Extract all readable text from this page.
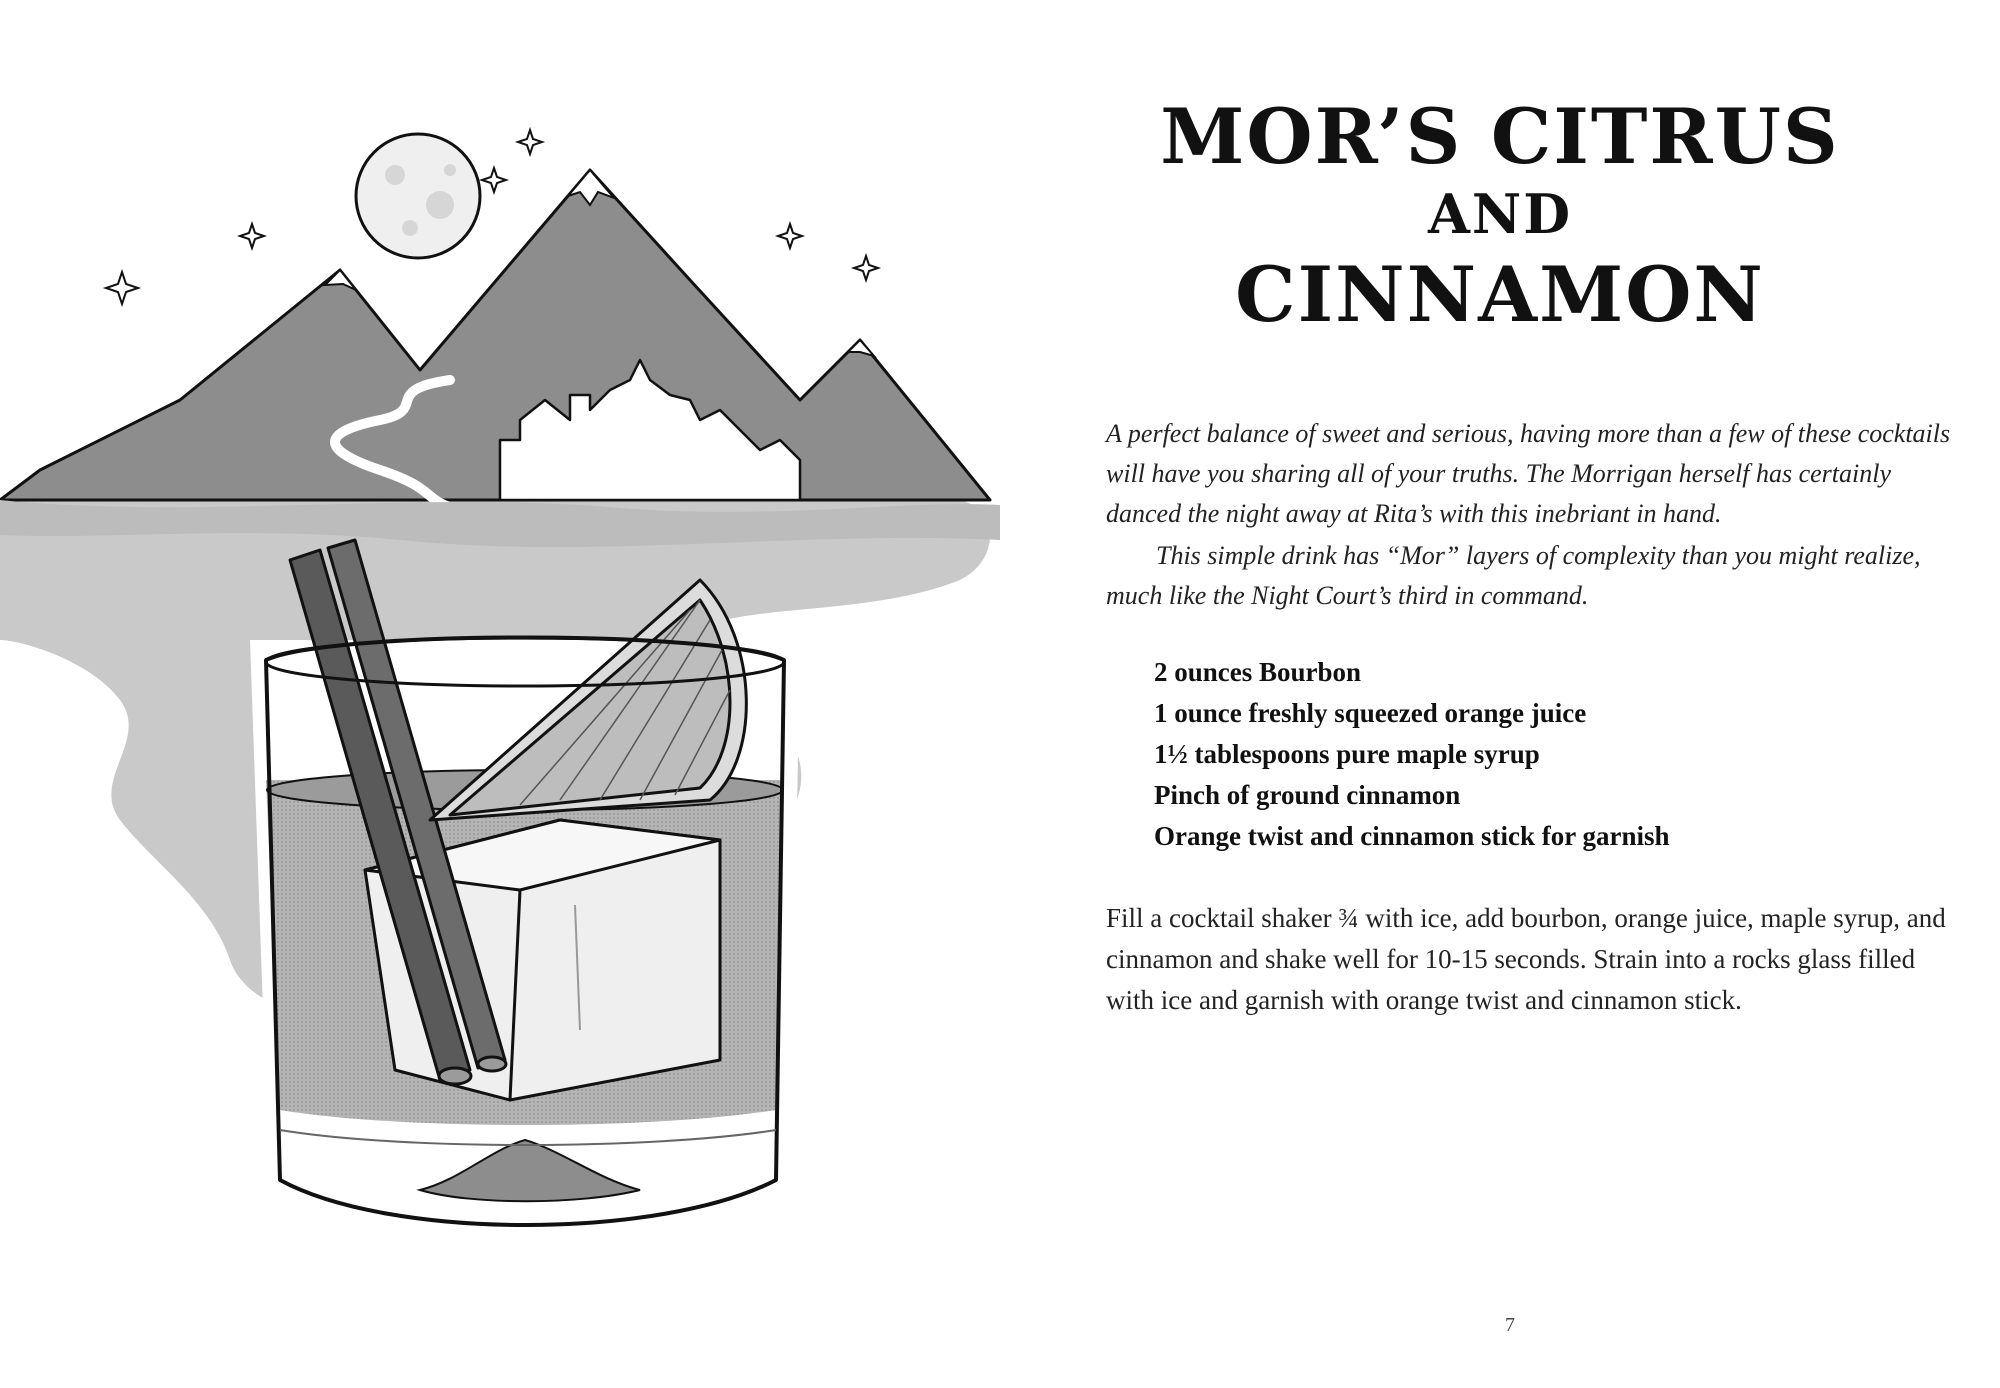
MOR’S CITRUS
AND
CINNAMON

A perfect balance of sweet and serious, having more than a few of these cocktails will have you sharing all of your truths. The Morrigan herself has certainly danced the night away at Rita’s with this inebriant in hand.

This simple drink has “Mor” layers of complexity than you might realize, much like the Night Court’s third in command.

2 ounces Bourbon
1 ounce freshly squeezed orange juice
1½ tablespoons pure maple syrup
Pinch of ground cinnamon
Orange twist and cinnamon stick for garnish

Fill a cocktail shaker ¾ with ice, add bourbon, orange juice, maple syrup, and cinnamon and shake well for 10-15 seconds. Strain into a rocks glass filled with ice and garnish with orange twist and cinnamon stick.

7
